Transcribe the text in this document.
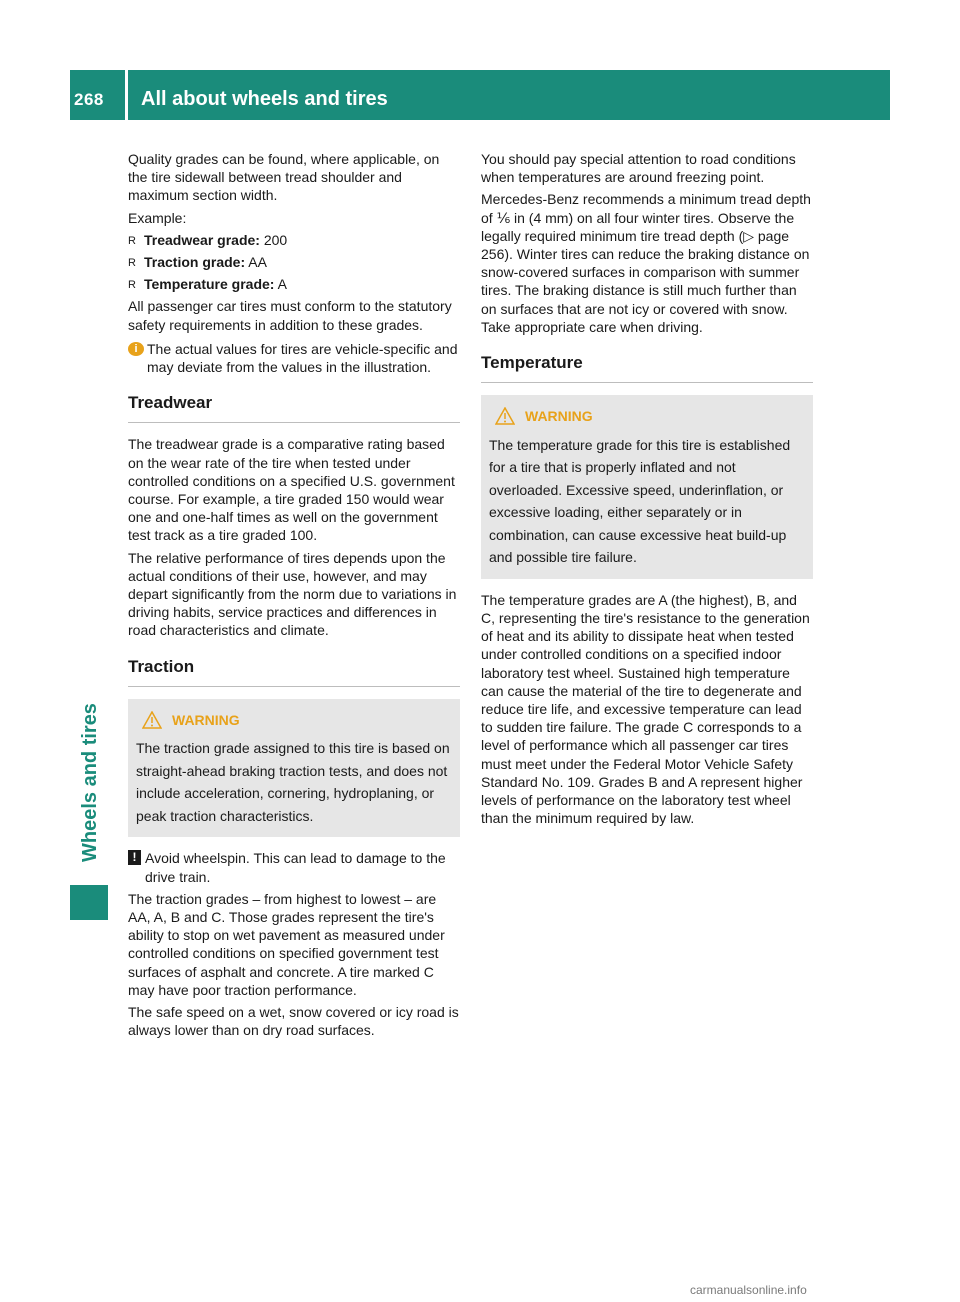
268 All about wheels and tires
Wheels and tires

Quality grades can be found, where applicable, on the tire sidewall between tread shoulder and maximum section width.

Example:

R Treadwear grade: 200
R Traction grade: AA
R Temperature grade: A

All passenger car tires must conform to the statutory safety requirements in addition to these grades.

i The actual values for tires are vehicle-specific and may deviate from the values in the illustration.
Treadwear

The treadwear grade is a comparative rating based on the wear rate of the tire when tested under controlled conditions on a specified U.S. government course. For example, a tire graded 150 would wear one and one-half times as well on the government test track as a tire graded 100.

The relative performance of tires depends upon the actual conditions of their use, however, and may depart significantly from the norm due to variations in driving habits, service practices and differences in road characteristics and climate.

Traction
WARNING
The traction grade assigned to this tire is based on straight-ahead braking traction tests, and does not include acceleration, cornering, hydroplaning, or peak traction characteristics.
! Avoid wheelspin. This can lead to damage to the drive train.

The traction grades – from highest to lowest – are AA, A, B and C. Those grades represent the tire's ability to stop on wet pavement as measured under controlled conditions on specified government test surfaces of asphalt and concrete. A tire marked C may have poor traction performance.

The safe speed on a wet, snow covered or icy road is always lower than on dry road surfaces.

You should pay special attention to road conditions when temperatures are around freezing point.

Mercedes-Benz recommends a minimum tread depth of ⅙ in (4 mm) on all four winter tires. Observe the legally required minimum tire tread depth (▷ page 256). Winter tires can reduce the braking distance on snow-covered surfaces in comparison with summer tires. The braking distance is still much further than on surfaces that are not icy or covered with snow. Take appropriate care when driving.

Temperature
WARNING
The temperature grade for this tire is established for a tire that is properly inflated and not overloaded. Excessive speed, underinflation, or excessive loading, either separately or in combination, can cause excessive heat build-up and possible tire failure.

The temperature grades are A (the highest), B, and C, representing the tire's resistance to the generation of heat and its ability to dissipate heat when tested under controlled conditions on a specified indoor laboratory test wheel. Sustained high temperature can cause the material of the tire to degenerate and reduce tire life, and excessive temperature can lead to sudden tire failure. The grade C corresponds to a level of performance which all passenger car tires must meet under the Federal Motor Vehicle Safety Standard No. 109. Grades B and A represent higher levels of performance on the laboratory test wheel than the minimum required by law.

carmanualsonline.info
